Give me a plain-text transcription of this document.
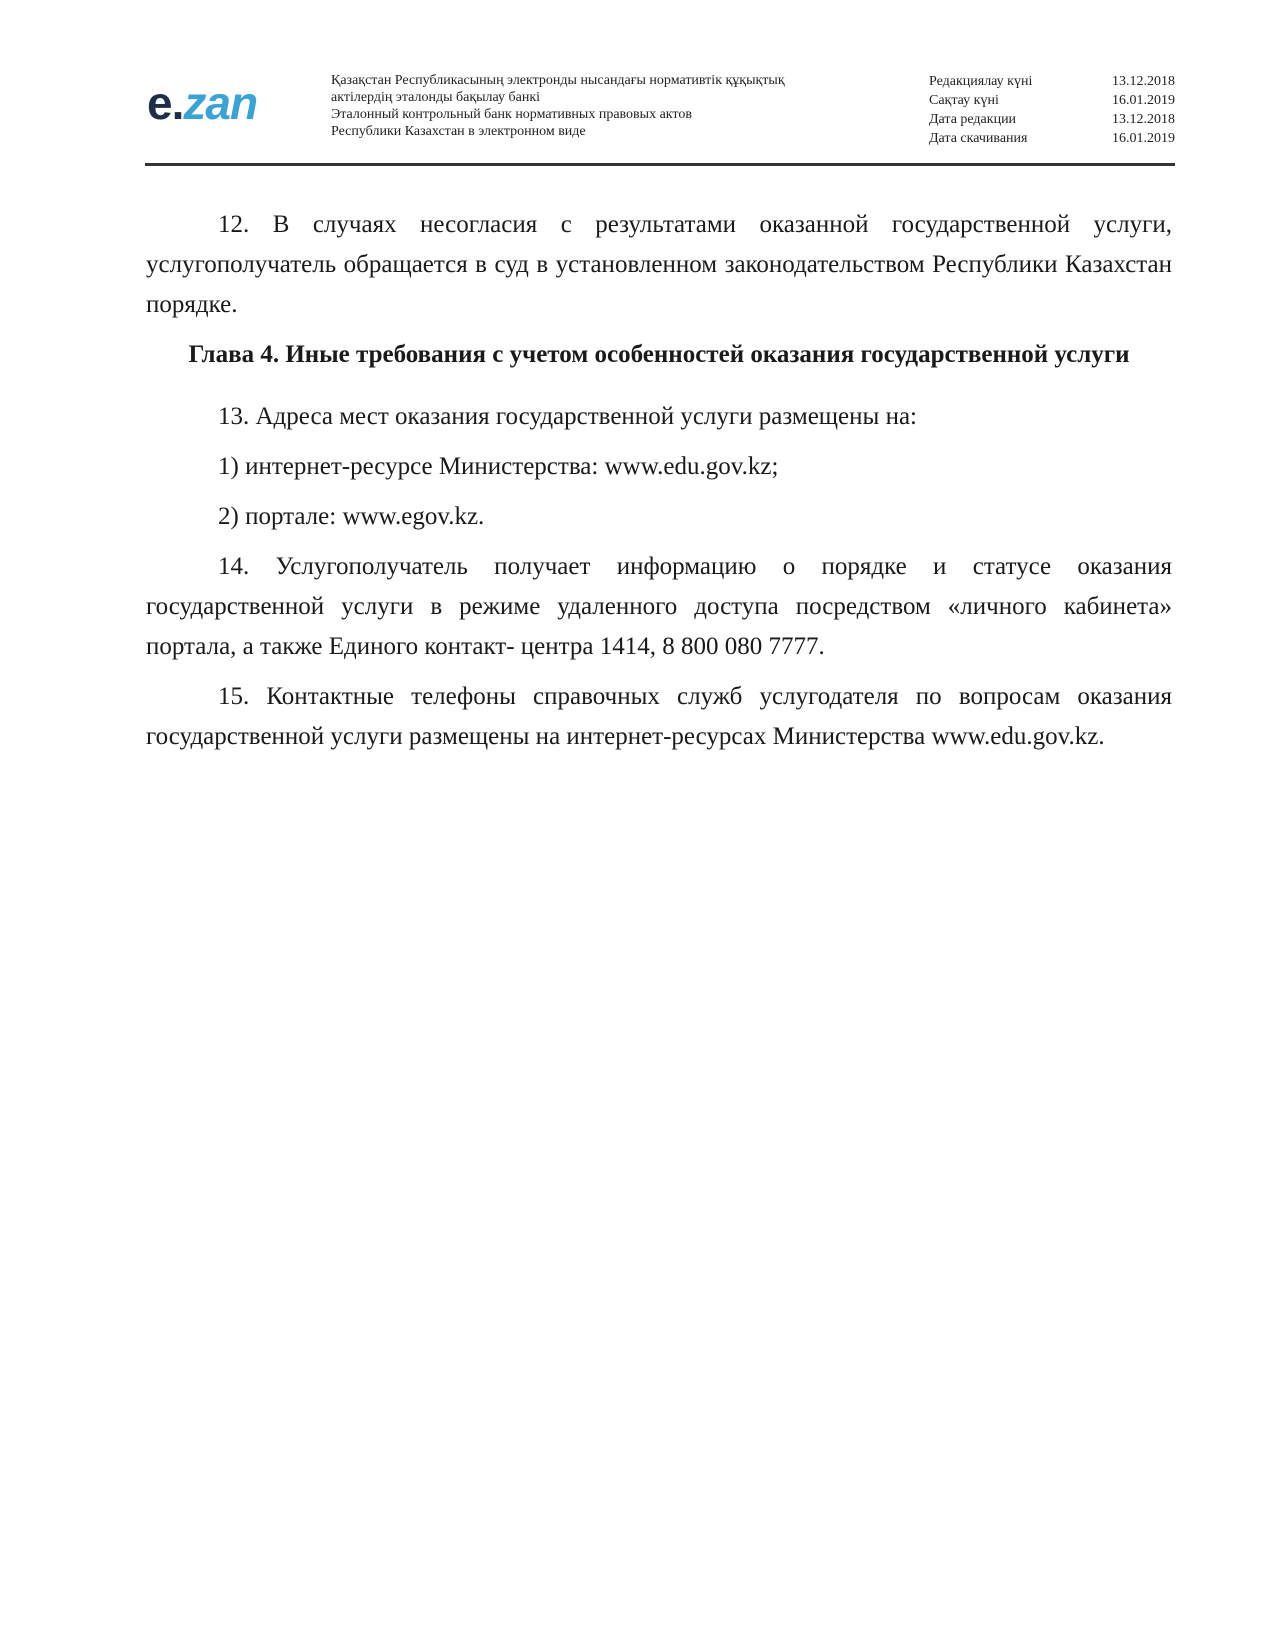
e.zan	Қазақстан Республикасының электронды нысандағы нормативтік құқықтық
актілердің эталонды бақылау банкі
Эталонный контрольный банк нормативных правовых актов
Республики Казахстан в электронном виде
Редакциялау күні	13.12.2018
Сақтау күні	16.01.2019
Дата редакции	13.12.2018
Дата скачивания	16.01.2019

12. В случаях несогласия с результатами оказанной государственной услуги, услугополучатель обращается в суд в установленном законодательством Республики Казахстан порядке.

Глава 4. Иные требования с учетом особенностей оказания государственной услуги

13. Адреса мест оказания государственной услуги размещены на:

1) интернет-ресурсе Министерства: www.edu.gov.kz;

2) портале: www.egov.kz.

14. Услугополучатель получает информацию о порядке и статусе оказания государственной услуги в режиме удаленного доступа посредством «личного кабинета» портала, а также Единого контакт- центра 1414, 8 800 080 7777.

15. Контактные телефоны справочных служб услугодателя по вопросам оказания государственной услуги размещены на интернет-ресурсах Министерства www.edu.gov.kz.
